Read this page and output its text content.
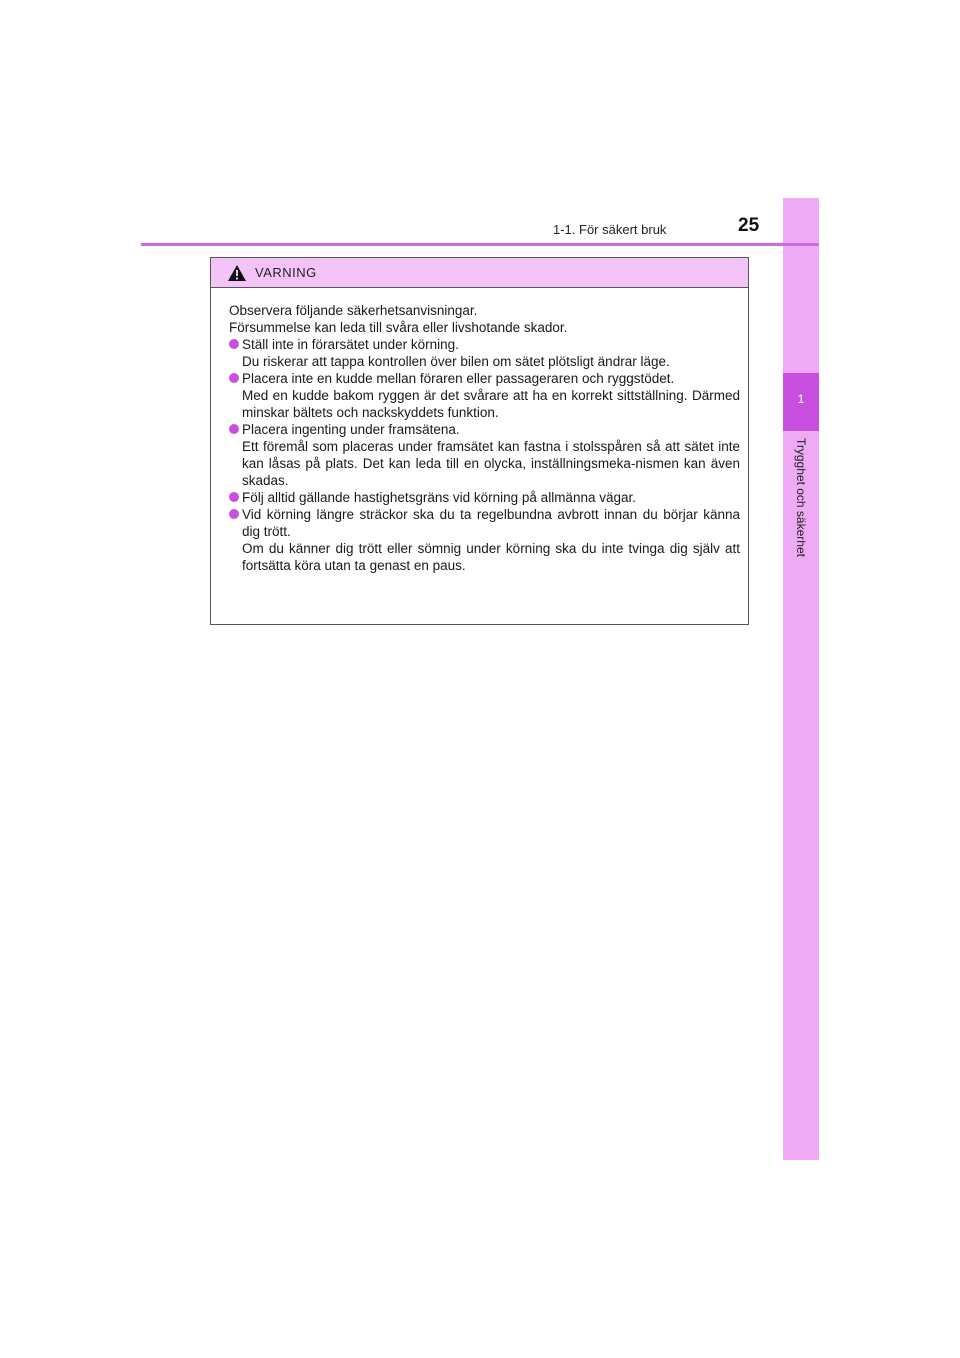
1
Trygghet och säkerhet
1-1. För säkert bruk	25
VARNING

Observera följande säkerhetsanvisningar.
Försummelse kan leda till svåra eller livshotande skador.

Ställ inte in förarsätet under körning.
Du riskerar att tappa kontrollen över bilen om sätet plötsligt ändrar läge.

Placera inte en kudde mellan föraren eller passageraren och ryggstödet.
Med en kudde bakom ryggen är det svårare att ha en korrekt sittställning. Därmed minskar bältets och nackskyddets funktion.

Placera ingenting under framsätena.
Ett föremål som placeras under framsätet kan fastna i stolsspåren så att sätet inte kan låsas på plats. Det kan leda till en olycka, inställningsmeka-nismen kan även skadas.

Följ alltid gällande hastighetsgräns vid körning på allmänna vägar.

Vid körning längre sträckor ska du ta regelbundna avbrott innan du börjar känna dig trött.
Om du känner dig trött eller sömnig under körning ska du inte tvinga dig själv att fortsätta köra utan ta genast en paus.
